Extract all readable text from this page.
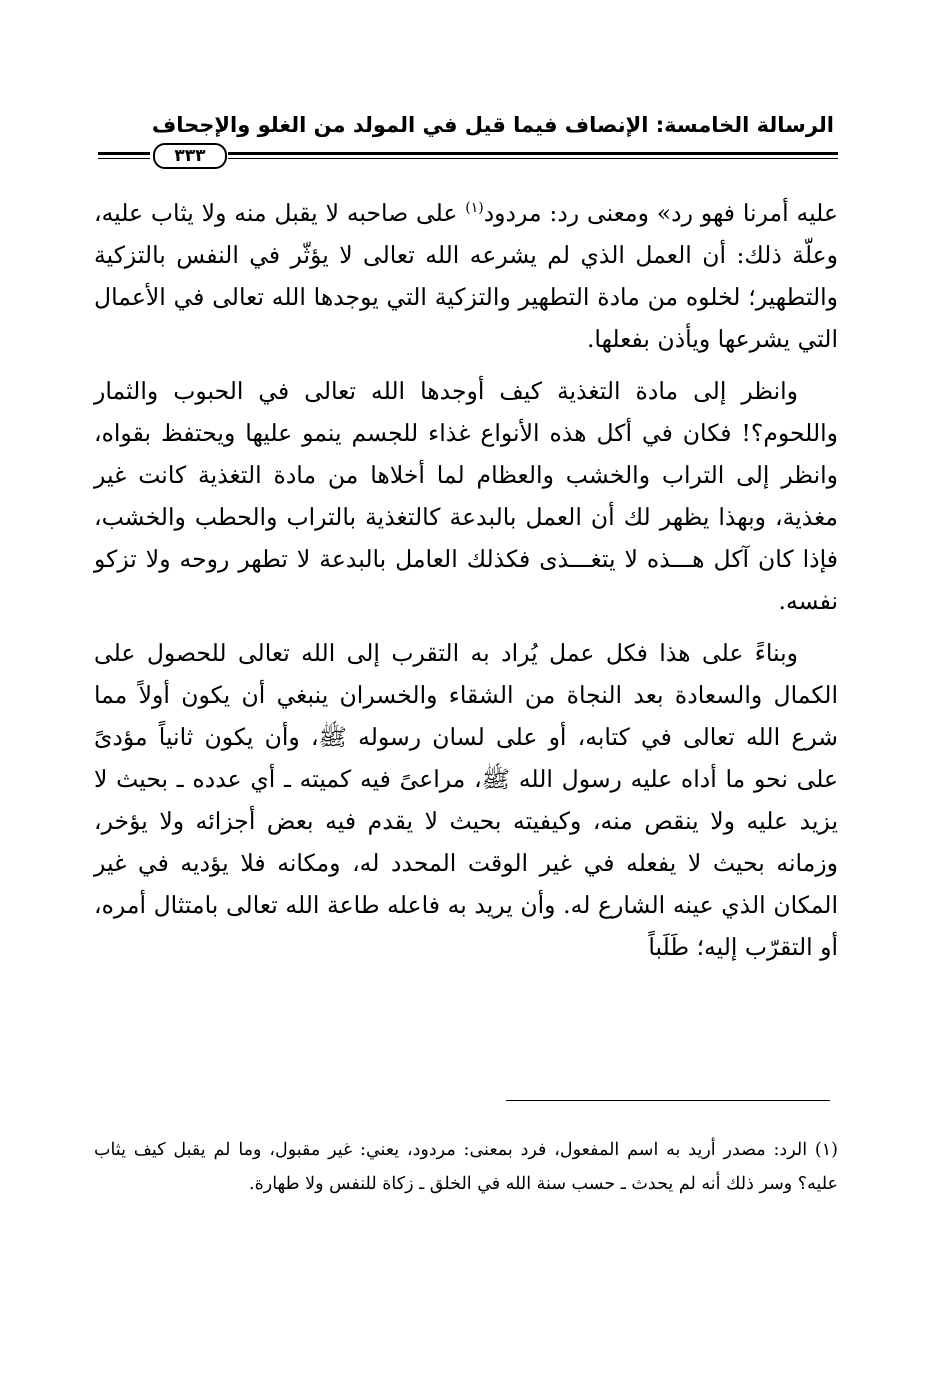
الرسالة الخامسة: الإنصاف فيما قيل في المولد من الغلو والإجحاف
٣٣٣

عليه أمرنا فهو رد» ومعنى رد: مردود$^{(١)}$ على صاحبه لا يقبل منه ولا يثاب عليه، وعلّة ذلك: أن العمل الذي لم يشرعه الله تعالى لا يؤثّر في النفس بالتزكية والتطهير؛ لخلوه من مادة التطهير والتزكية التي يوجدها الله تعالى في الأعمال التي يشرعها ويأذن بفعلها.

وانظر إلى مادة التغذية كيف أوجدها الله تعالى في الحبوب والثمار واللحوم؟! فكان في أكل هذه الأنواع غذاء للجسم ينمو عليها ويحتفظ بقواه، وانظر إلى التراب والخشب والعظام لما أخلاها من مادة التغذية كانت غير مغذية، وبهذا يظهر لك أن العمل بالبدعة كالتغذية بالتراب والحطب والخشب، فإذا كان آكل هـــذه لا يتغـــذى فكذلك العامل بالبدعة لا تطهر روحه ولا تزكو نفسه.

وبناءً على هذا فكل عمل يُراد به التقرب إلى الله تعالى للحصول على الكمال والسعادة بعد النجاة من الشقاء والخسران ينبغي أن يكون أولاً مما شرع الله تعالى في كتابه، أو على لسان رسوله ﷺ، وأن يكون ثانياً مؤدىً على نحو ما أداه عليه رسول الله ﷺ، مراعىً فيه كميته ـ أي عدده ـ بحيث لا يزيد عليه ولا ينقص منه، وكيفيته بحيث لا يقدم فيه بعض أجزائه ولا يؤخر، وزمانه بحيث لا يفعله في غير الوقت المحدد له، ومكانه فلا يؤديه في غير المكان الذي عينه الشارع له. وأن يريد به فاعله طاعة الله تعالى بامتثال أمره، أو التقرّب إليه؛ طَلَباً

(١) الرد: مصدر أريد به اسم المفعول، فرد بمعنى: مردود، يعني: غير مقبول، وما لم يقبل كيف يثاب عليه؟ وسر ذلك أنه لم يحدث ـ حسب سنة الله في الخلق ـ زكاة للنفس ولا طهارة.
